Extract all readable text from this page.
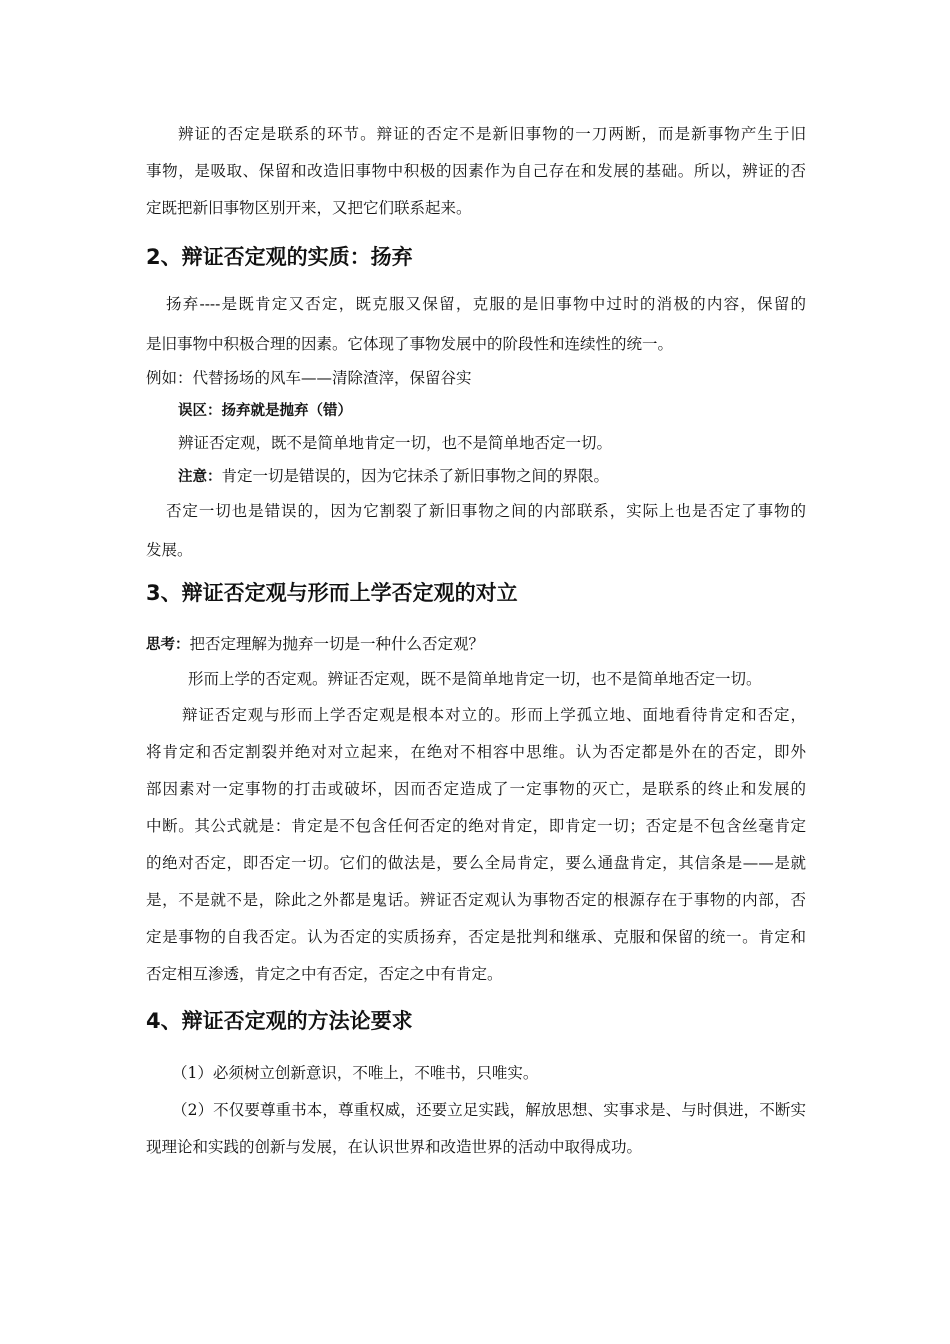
辨证的否定是联系的环节。辩证的否定不是新旧事物的一刀两断，而是新事物产生于旧
事物，是吸取、保留和改造旧事物中积极的因素作为自己存在和发展的基础。所以，辨证的否
定既把新旧事物区别开来，又把它们联系起来。
2、辩证否定观的实质：扬弃
扬弃----是既肯定又否定，既克服又保留，克服的是旧事物中过时的消极的内容，保留的
是旧事物中积极合理的因素。它体现了事物发展中的阶段性和连续性的统一。
例如：代替扬场的风车——清除渣滓，保留谷实
误区：扬弃就是抛弃（错）
辨证否定观，既不是简单地肯定一切，也不是简单地否定一切。
注意：肯定一切是错误的，因为它抹杀了新旧事物之间的界限。
否定一切也是错误的，因为它割裂了新旧事物之间的内部联系，实际上也是否定了事物的
发展。
3、辩证否定观与形而上学否定观的对立
思考：把否定理解为抛弃一切是一种什么否定观？
形而上学的否定观。辨证否定观，既不是简单地肯定一切，也不是简单地否定一切。
辩证否定观与形而上学否定观是根本对立的。形而上学孤立地、面地看待肯定和否定，
将肯定和否定割裂并绝对对立起来，在绝对不相容中思维。认为否定都是外在的否定，即外
部因素对一定事物的打击或破坏，因而否定造成了一定事物的灭亡，是联系的终止和发展的
中断。其公式就是：肯定是不包含任何否定的绝对肯定，即肯定一切；否定是不包含丝毫肯定
的绝对否定，即否定一切。它们的做法是，要么全局肯定，要么通盘肯定，其信条是——是就
是，不是就不是，除此之外都是鬼话。辨证否定观认为事物否定的根源存在于事物的内部，否
定是事物的自我否定。认为否定的实质扬弃，否定是批判和继承、克服和保留的统一。肯定和
否定相互渗透，肯定之中有否定，否定之中有肯定。
4、辩证否定观的方法论要求
（1）必须树立创新意识，不唯上，不唯书，只唯实。
（2）不仅要尊重书本，尊重权威，还要立足实践，解放思想、实事求是、与时俱进，不断实
现理论和实践的创新与发展，在认识世界和改造世界的活动中取得成功。
